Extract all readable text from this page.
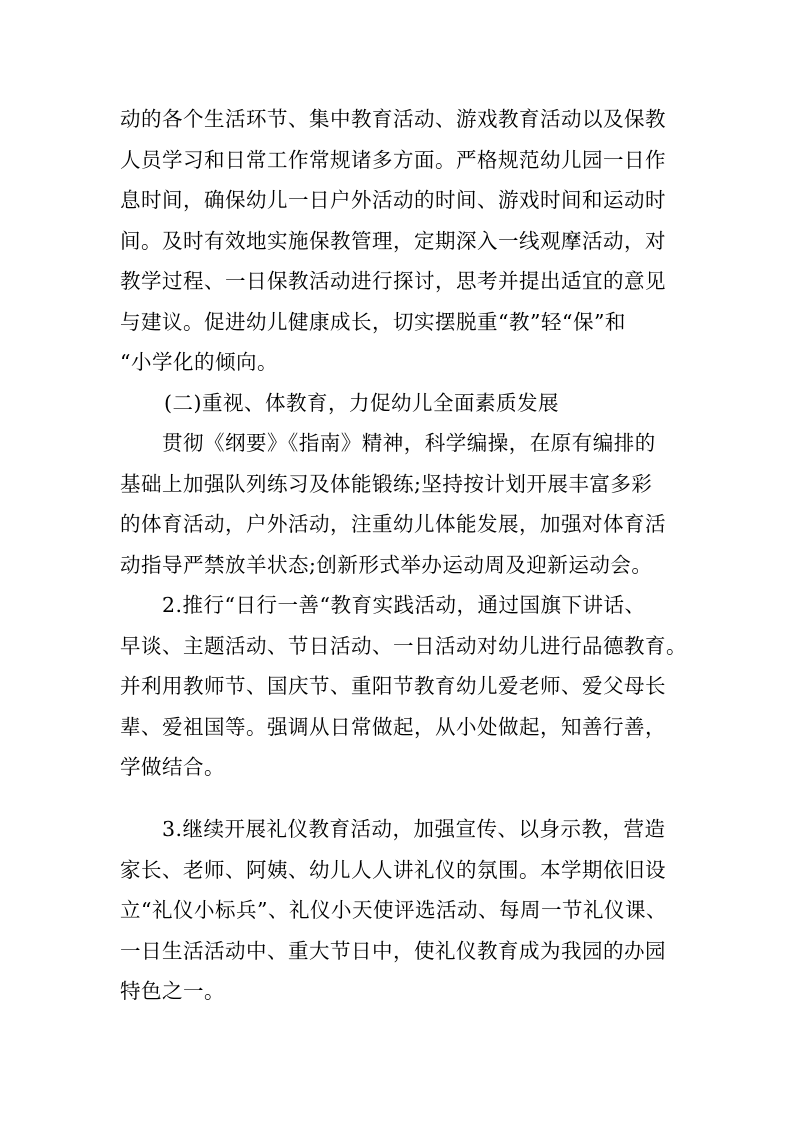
动的各个生活环节、集中教育活动、游戏教育活动以及保教
人员学习和日常工作常规诸多方面。严格规范幼儿园一日作
息时间，确保幼儿一日户外活动的时间、游戏时间和运动时
间。及时有效地实施保教管理，定期深入一线观摩活动，对
教学过程、一日保教活动进行探讨，思考并提出适宜的意见
与建议。促进幼儿健康成长，切实摆脱重“教”轻“保”和
“小学化的倾向。
(二)重视、体教育，力促幼儿全面素质发展
贯彻《纲要》《指南》精神，科学编操，在原有编排的
基础上加强队列练习及体能锻练;坚持按计划开展丰富多彩
的体育活动，户外活动，注重幼儿体能发展，加强对体育活
动指导严禁放羊状态;创新形式举办运动周及迎新运动会。
2.推行“日行一善“教育实践活动，通过国旗下讲话、
早谈、主题活动、节日活动、一日活动对幼儿进行品德教育。
并利用教师节、国庆节、重阳节教育幼儿爱老师、爱父母长
辈、爱祖国等。强调从日常做起，从小处做起，知善行善，
学做结合。
3.继续开展礼仪教育活动，加强宣传、以身示教，营造
家长、老师、阿姨、幼儿人人讲礼仪的氛围。本学期依旧设
立“礼仪小标兵”、礼仪小天使评选活动、每周一节礼仪课、
一日生活活动中、重大节日中，使礼仪教育成为我园的办园
特色之一。
